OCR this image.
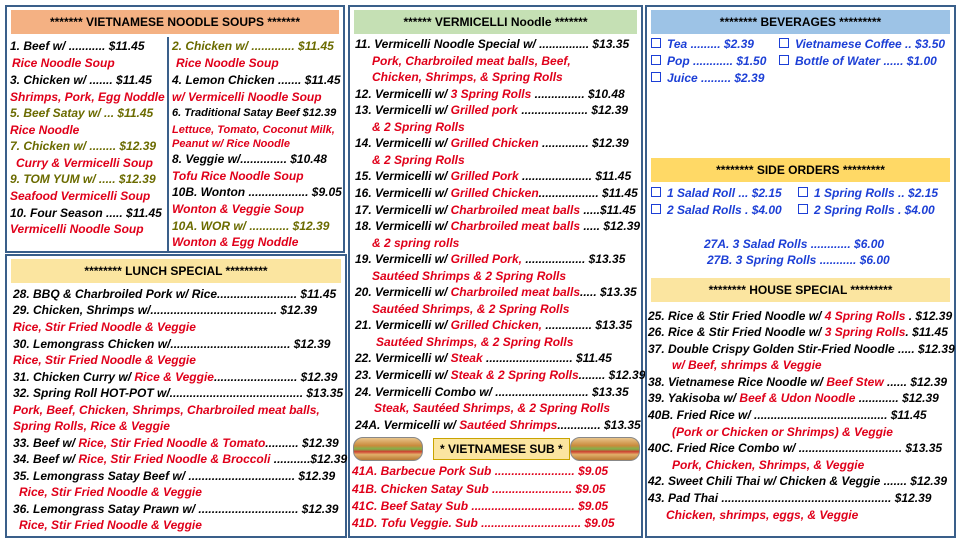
******* VIETNAMESE NOODLE SOUPS *******
1. Beef w/ ........... $11.45
Rice Noodle Soup
3. Chicken w/ ....... $11.45
Shrimps, Pork, Egg Noddle
5. Beef Satay w/ ... $11.45
Rice Noodle
7. Chicken w/ ........ $12.39
Curry & Vermicelli Soup
9. TOM YUM w/ ..... $12.39
Seafood Vermicelli Soup
10. Four Season ..... $11.45
Vermicelli Noodle Soup
2. Chicken w/ ............. $11.45
Rice Noodle Soup
4. Lemon Chicken ....... $11.45
w/ Vermicelli Noodle Soup
6. Traditional Satay Beef $12.39
Lettuce, Tomato, Coconut Milk,
Peanut w/ Rice Noodle
8. Veggie w/.............. $10.48
Tofu Rice Noodle Soup
10B. Wonton .................. $9.05
Wonton & Veggie Soup
10A. WOR w/ ............ $12.39
Wonton & Egg Noddle
******** LUNCH SPECIAL *********
28. BBQ & Charbroiled Pork w/ Rice........................ $11.45
29. Chicken, Shrimps w/...................................... $12.39
Rice, Stir Fried Noodle & Veggie
30. Lemongrass Chicken w/.................................... $12.39
Rice, Stir Fried Noodle & Veggie
31. Chicken Curry w/ Rice & Veggie......................... $12.39
32. Spring Roll HOT-POT w/........................................ $13.35
Pork, Beef, Chicken, Shrimps, Charbroiled meat balls,
Spring Rolls, Rice & Veggie
33. Beef w/ Rice, Stir Fried Noodle & Tomato.......... $12.39
34. Beef w/ Rice, Stir Fried Noodle & Broccoli ...........$12.39
35. Lemongrass Satay Beef w/ ................................ $12.39
Rice, Stir Fried Noodle & Veggie
36. Lemongrass Satay Prawn w/ .............................. $12.39
Rice, Stir Fried Noodle & Veggie
****** VERMICELLI Noodle *******
11. Vermicelli Noodle Special w/ ............... $13.35
Pork, Charbroiled meat balls, Beef,
Chicken, Shrimps, & Spring Rolls
12. Vermicelli w/ 3 Spring Rolls ............... $10.48
13. Vermicelli w/ Grilled pork .................... $12.39
& 2 Spring Rolls
14. Vermicelli w/ Grilled Chicken .............. $12.39
& 2 Spring Rolls
15. Vermicelli w/ Grilled Pork ..................... $11.45
16. Vermicelli w/ Grilled Chicken.................. $11.45
17. Vermicelli w/ Charbroiled meat balls .....$11.45
18. Vermicelli w/ Charbroiled meat balls ..... $12.39
& 2 spring rolls
19. Vermicelli w/ Grilled Pork, .................. $13.35
Sautéed Shrimps & 2 Spring Rolls
20. Vermicelli w/ Charbroiled meat balls..... $13.35
Sautéed Shrimps, & 2 Spring Rolls
21. Vermicelli w/ Grilled Chicken, .............. $13.35
Sautéed Shrimps, & 2 Spring Rolls
22. Vermicelli w/ Steak .......................... $11.45
23. Vermicelli w/ Steak & 2 Spring Rolls........ $12.39
24. Vermicelli Combo w/ ............................ $13.35
Steak, Sautéed Shrimps, & 2 Spring Rolls
24A. Vermicelli w/ Sautéed Shrimps............. $13.35
* VIETNAMESE SUB *
41A. Barbecue Pork Sub ........................ $9.05
41B. Chicken Satay Sub ........................ $9.05
41C. Beef Satay Sub ............................... $9.05
41D. Tofu Veggie. Sub .............................. $9.05
******** BEVERAGES *********
******** SIDE ORDERS *********
******** HOUSE SPECIAL *********
Tea ......... $2.39
Pop ............ $1.50
Juice ......... $2.39
Vietnamese Coffee .. $3.50
Bottle of Water ...... $1.00
1 Salad Roll ... $2.15	1 Spring Rolls .. $2.15
2 Salad Rolls . $4.00	2 Spring Rolls . $4.00
27A. 3 Salad Rolls ............ $6.00
27B. 3 Spring Rolls ........... $6.00
25. Rice & Stir Fried Noodle w/ 4 Spring Rolls . $12.39
26. Rice & Stir Fried Noodle w/ 3 Spring Rolls. $11.45
37. Double Crispy Golden Stir-Fried Noodle ..... $12.39
w/ Beef, shrimps & Veggie
38. Vietnamese Rice Noodle w/ Beef Stew ...... $12.39
39. Yakisoba w/ Beef & Udon Noodle ............ $12.39
40B. Fried Rice w/ ........................................ $11.45
(Pork or Chicken or Shrimps) & Veggie
40C. Fried Rice Combo w/ ............................... $13.35
Pork, Chicken, Shrimps, & Veggie
42. Sweet Chili Thai w/ Chicken & Veggie ....... $12.39
43. Pad Thai ................................................... $12.39
Chicken, shrimps, eggs, & Veggie
